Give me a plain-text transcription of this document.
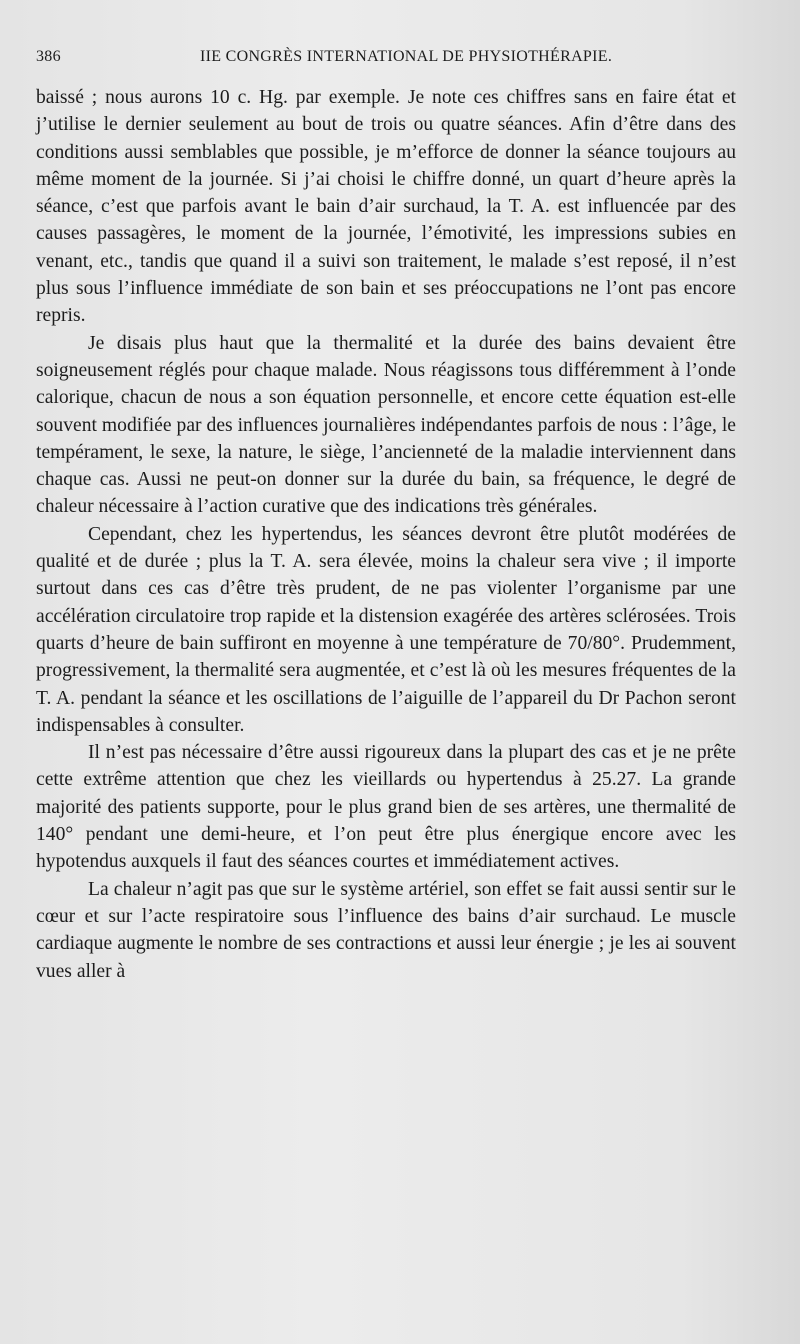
386	IIE CONGRÈS INTERNATIONAL DE PHYSIOTHÉRAPIE.

baissé ; nous aurons 10 c. Hg. par exemple. Je note ces chiffres sans en faire état et j’utilise le dernier seulement au bout de trois ou quatre séances. Afin d’être dans des conditions aussi semblables que possible, je m’efforce de donner la séance toujours au même moment de la journée. Si j’ai choisi le chiffre donné, un quart d’heure après la séance, c’est que parfois avant le bain d’air surchaud, la T. A. est influencée par des causes passagères, le moment de la journée, l’émotivité, les impressions subies en venant, etc., tandis que quand il a suivi son traitement, le malade s’est reposé, il n’est plus sous l’influence immédiate de son bain et ses préoccupations ne l’ont pas encore repris.

Je disais plus haut que la thermalité et la durée des bains devaient être soigneusement réglés pour chaque malade. Nous réagissons tous différemment à l’onde calorique, chacun de nous a son équation personnelle, et encore cette équation est-elle souvent modifiée par des influences journalières indépendantes parfois de nous : l’âge, le tempérament, le sexe, la nature, le siège, l’ancienneté de la maladie interviennent dans chaque cas. Aussi ne peut-on donner sur la durée du bain, sa fréquence, le degré de chaleur nécessaire à l’action curative que des indications très générales.

Cependant, chez les hypertendus, les séances devront être plutôt modérées de qualité et de durée ; plus la T. A. sera élevée, moins la chaleur sera vive ; il importe surtout dans ces cas d’être très prudent, de ne pas violenter l’organisme par une accélération circulatoire trop rapide et la distension exagérée des artères sclérosées. Trois quarts d’heure de bain suffiront en moyenne à une température de 70/80°. Prudemment, progressivement, la thermalité sera augmentée, et c’est là où les mesures fréquentes de la T. A. pendant la séance et les oscillations de l’aiguille de l’appareil du Dr Pachon seront indispensables à consulter.

Il n’est pas nécessaire d’être aussi rigoureux dans la plupart des cas et je ne prête cette extrême attention que chez les vieillards ou hypertendus à 25.27. La grande majorité des patients supporte, pour le plus grand bien de ses artères, une thermalité de 140° pendant une demi-heure, et l’on peut être plus énergique encore avec les hypotendus auxquels il faut des séances courtes et immédiatement actives.

La chaleur n’agit pas que sur le système artériel, son effet se fait aussi sentir sur le cœur et sur l’acte respiratoire sous l’influence des bains d’air surchaud. Le muscle cardiaque augmente le nombre de ses contractions et aussi leur énergie ; je les ai souvent vues aller à
